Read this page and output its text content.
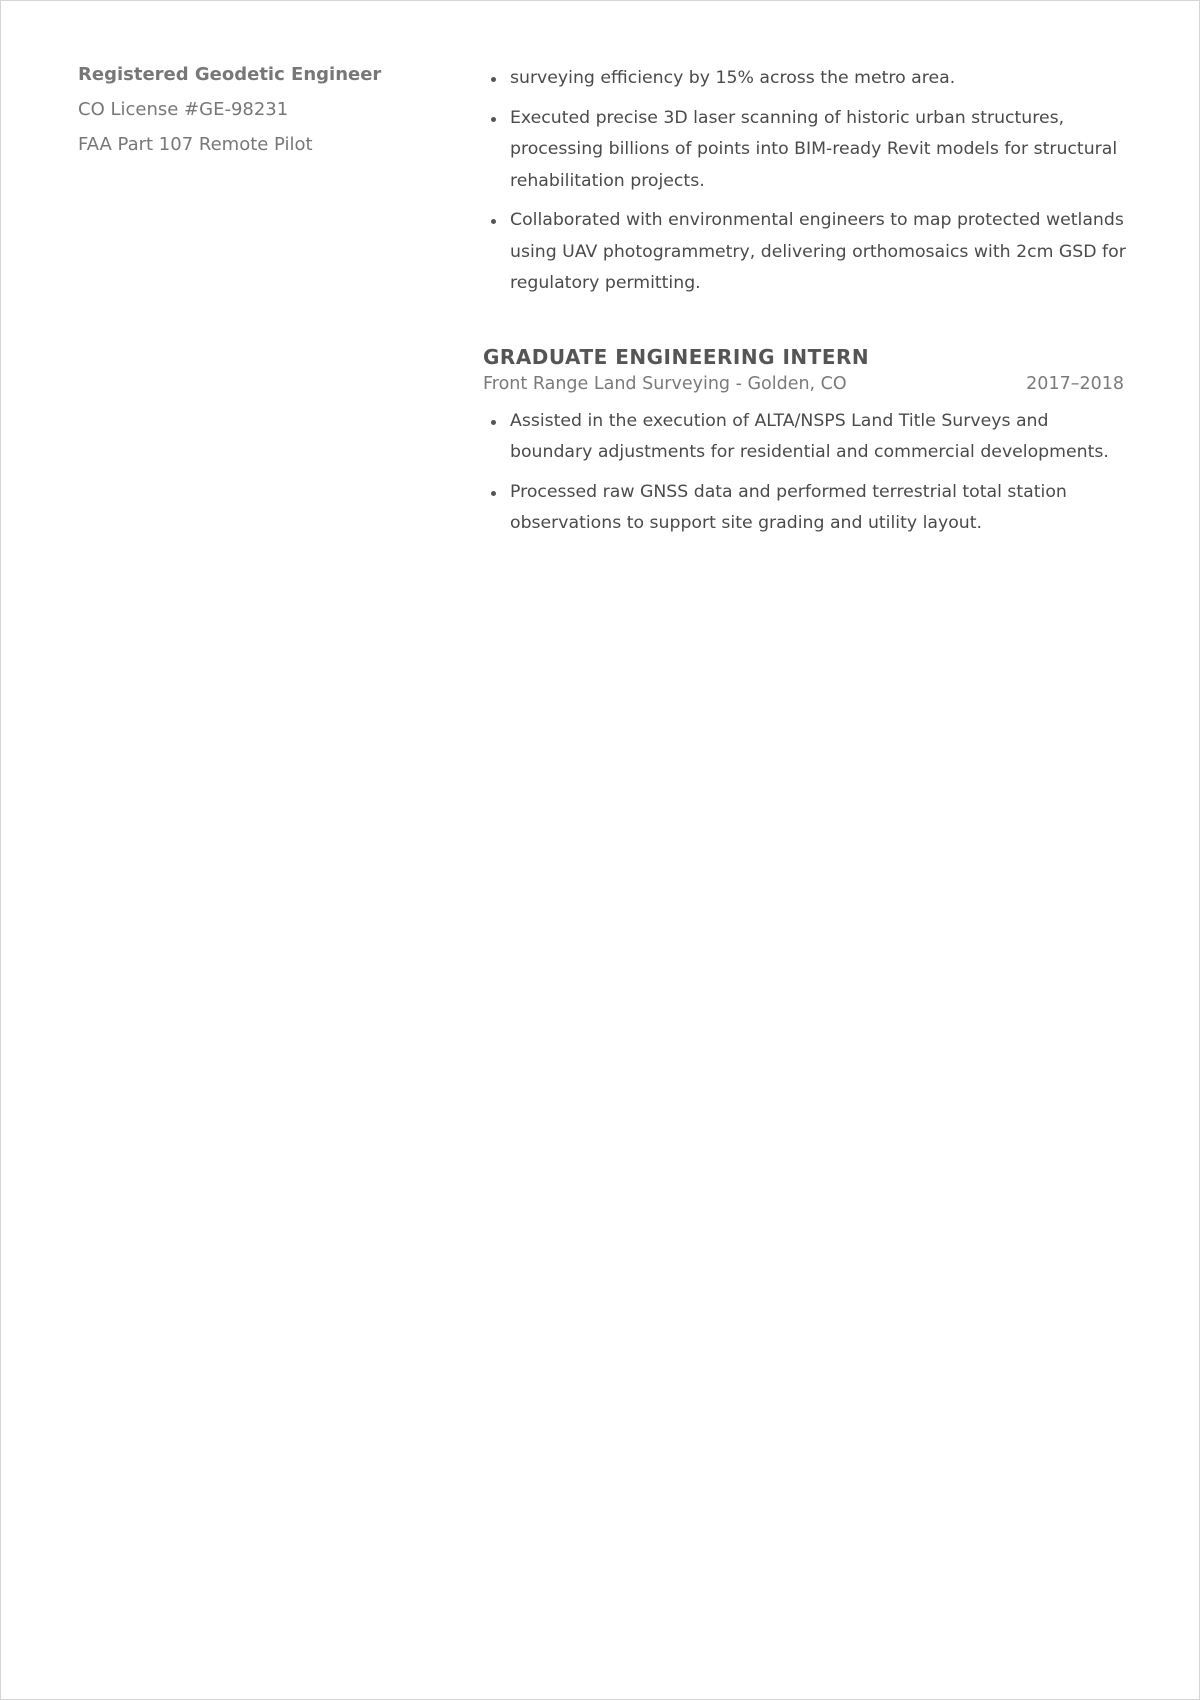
Registered Geodetic Engineer
CO License #GE-98231
FAA Part 107 Remote Pilot
surveying efficiency by 15% across the metro area.
Executed precise 3D laser scanning of historic urban structures, processing billions of points into BIM-ready Revit models for structural rehabilitation projects.
Collaborated with environmental engineers to map protected wetlands using UAV photogrammetry, delivering orthomosaics with 2cm GSD for regulatory permitting.
GRADUATE ENGINEERING INTERN
Front Range Land Surveying - Golden, CO	2017–2018
Assisted in the execution of ALTA/NSPS Land Title Surveys and boundary adjustments for residential and commercial developments.
Processed raw GNSS data and performed terrestrial total station observations to support site grading and utility layout.
